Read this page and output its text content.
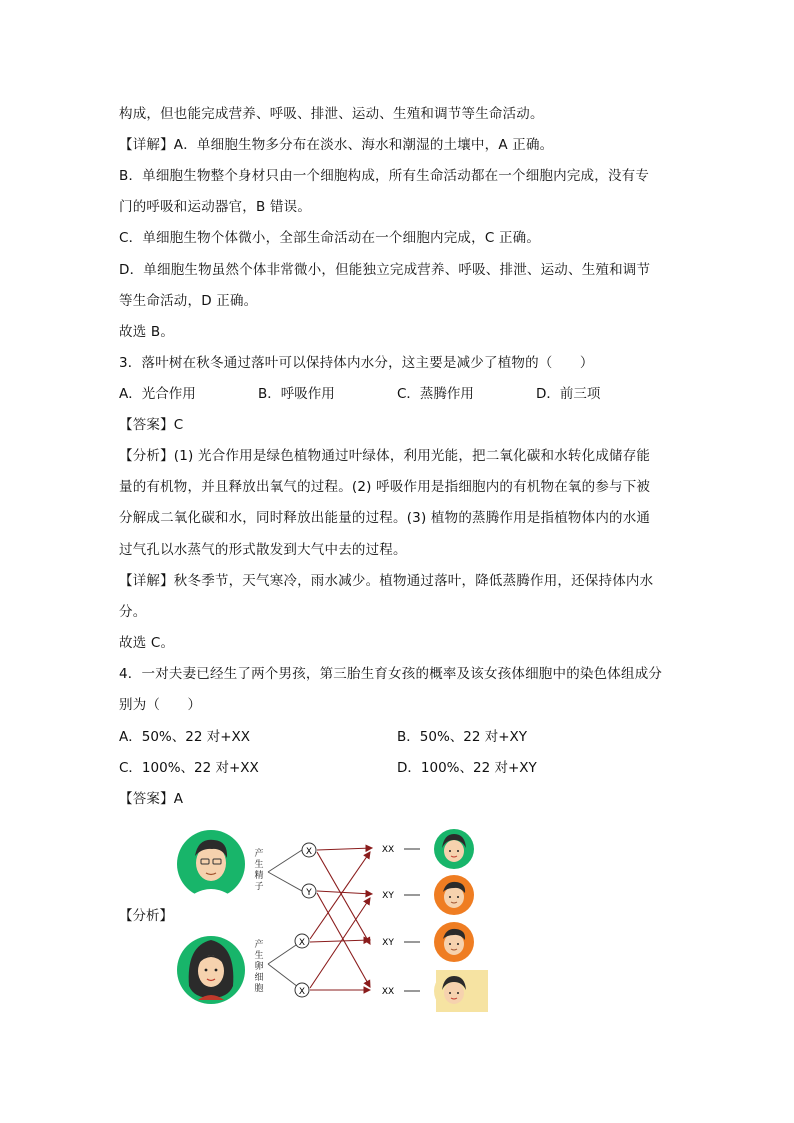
构成，但也能完成营养、呼吸、排泄、运动、生殖和调节等生命活动。
【详解】A．单细胞生物多分布在淡水、海水和潮湿的土壤中，A 正确。
B．单细胞生物整个身材只由一个细胞构成，所有生命活动都在一个细胞内完成，没有专
门的呼吸和运动器官，B 错误。
C．单细胞生物个体微小，全部生命活动在一个细胞内完成，C 正确。
D．单细胞生物虽然个体非常微小，但能独立完成营养、呼吸、排泄、运动、生殖和调节
等生命活动，D 正确。
故选 B。
3．落叶树在秋冬通过落叶可以保持体内水分，这主要是减少了植物的（　　）
A．光合作用	B．呼吸作用	C．蒸腾作用	D．前三项
【答案】C
【分析】(1) 光合作用是绿色植物通过叶绿体，利用光能，把二氧化碳和水转化成储存能
量的有机物，并且释放出氧气的过程。(2) 呼吸作用是指细胞内的有机物在氧的参与下被
分解成二氧化碳和水，同时释放出能量的过程。(3) 植物的蒸腾作用是指植物体内的水通
过气孔以水蒸气的形式散发到大气中去的过程。
【详解】秋冬季节，天气寒冷，雨水减少。植物通过落叶，降低蒸腾作用，还保持体内水
分。
故选 C。
4．一对夫妻已经生了两个男孩，第三胎生育女孩的概率及该女孩体细胞中的染色体组成分
别为（　　）
A．50%、22 对+XX	B．50%、22 对+XY
C．100%、22 对+XX	D．100%、22 对+XY
【答案】A
【分析】
产生精子
产生卵细胞
X
Y
X
X
XX
XY
XY
XX
